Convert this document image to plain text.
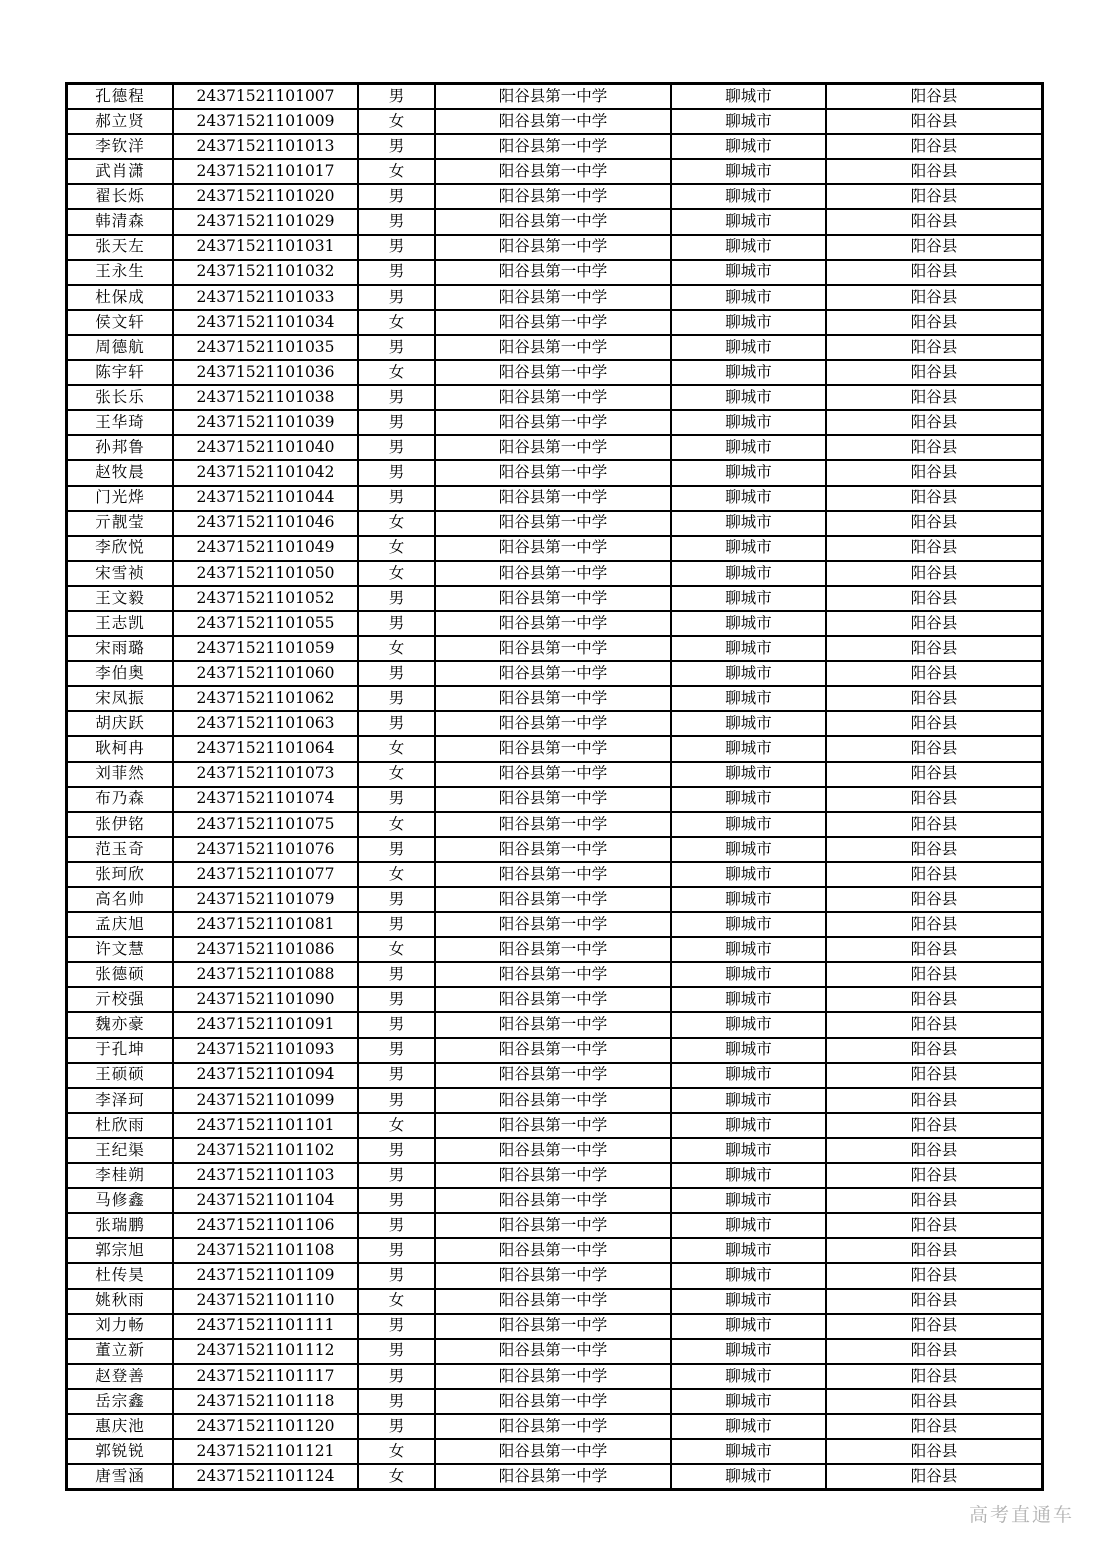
孔德程	24371521101007	男	阳谷县第一中学	聊城市	阳谷县
郝立贤	24371521101009	女	阳谷县第一中学	聊城市	阳谷县
李钦洋	24371521101013	男	阳谷县第一中学	聊城市	阳谷县
武肖潇	24371521101017	女	阳谷县第一中学	聊城市	阳谷县
翟长烁	24371521101020	男	阳谷县第一中学	聊城市	阳谷县
韩清森	24371521101029	男	阳谷县第一中学	聊城市	阳谷县
张天左	24371521101031	男	阳谷县第一中学	聊城市	阳谷县
王永生	24371521101032	男	阳谷县第一中学	聊城市	阳谷县
杜保成	24371521101033	男	阳谷县第一中学	聊城市	阳谷县
侯文轩	24371521101034	女	阳谷县第一中学	聊城市	阳谷县
周德航	24371521101035	男	阳谷县第一中学	聊城市	阳谷县
陈宇轩	24371521101036	女	阳谷县第一中学	聊城市	阳谷县
张长乐	24371521101038	男	阳谷县第一中学	聊城市	阳谷县
王华琦	24371521101039	男	阳谷县第一中学	聊城市	阳谷县
孙邦鲁	24371521101040	男	阳谷县第一中学	聊城市	阳谷县
赵牧晨	24371521101042	男	阳谷县第一中学	聊城市	阳谷县
门光烨	24371521101044	男	阳谷县第一中学	聊城市	阳谷县
亓靓莹	24371521101046	女	阳谷县第一中学	聊城市	阳谷县
李欣悦	24371521101049	女	阳谷县第一中学	聊城市	阳谷县
宋雪祯	24371521101050	女	阳谷县第一中学	聊城市	阳谷县
王文毅	24371521101052	男	阳谷县第一中学	聊城市	阳谷县
王志凯	24371521101055	男	阳谷县第一中学	聊城市	阳谷县
宋雨璐	24371521101059	女	阳谷县第一中学	聊城市	阳谷县
李伯奥	24371521101060	男	阳谷县第一中学	聊城市	阳谷县
宋凤振	24371521101062	男	阳谷县第一中学	聊城市	阳谷县
胡庆跃	24371521101063	男	阳谷县第一中学	聊城市	阳谷县
耿柯冉	24371521101064	女	阳谷县第一中学	聊城市	阳谷县
刘菲然	24371521101073	女	阳谷县第一中学	聊城市	阳谷县
布乃森	24371521101074	男	阳谷县第一中学	聊城市	阳谷县
张伊铭	24371521101075	女	阳谷县第一中学	聊城市	阳谷县
范玉奇	24371521101076	男	阳谷县第一中学	聊城市	阳谷县
张珂欣	24371521101077	女	阳谷县第一中学	聊城市	阳谷县
高名帅	24371521101079	男	阳谷县第一中学	聊城市	阳谷县
孟庆旭	24371521101081	男	阳谷县第一中学	聊城市	阳谷县
许文慧	24371521101086	女	阳谷县第一中学	聊城市	阳谷县
张德硕	24371521101088	男	阳谷县第一中学	聊城市	阳谷县
亓校强	24371521101090	男	阳谷县第一中学	聊城市	阳谷县
魏亦豪	24371521101091	男	阳谷县第一中学	聊城市	阳谷县
于孔坤	24371521101093	男	阳谷县第一中学	聊城市	阳谷县
王硕硕	24371521101094	男	阳谷县第一中学	聊城市	阳谷县
李泽珂	24371521101099	男	阳谷县第一中学	聊城市	阳谷县
杜欣雨	24371521101101	女	阳谷县第一中学	聊城市	阳谷县
王纪渠	24371521101102	男	阳谷县第一中学	聊城市	阳谷县
李桂朔	24371521101103	男	阳谷县第一中学	聊城市	阳谷县
马修鑫	24371521101104	男	阳谷县第一中学	聊城市	阳谷县
张瑞鹏	24371521101106	男	阳谷县第一中学	聊城市	阳谷县
郭宗旭	24371521101108	男	阳谷县第一中学	聊城市	阳谷县
杜传昊	24371521101109	男	阳谷县第一中学	聊城市	阳谷县
姚秋雨	24371521101110	女	阳谷县第一中学	聊城市	阳谷县
刘力畅	24371521101111	男	阳谷县第一中学	聊城市	阳谷县
董立新	24371521101112	男	阳谷县第一中学	聊城市	阳谷县
赵登善	24371521101117	男	阳谷县第一中学	聊城市	阳谷县
岳宗鑫	24371521101118	男	阳谷县第一中学	聊城市	阳谷县
惠庆池	24371521101120	男	阳谷县第一中学	聊城市	阳谷县
郭锐锐	24371521101121	女	阳谷县第一中学	聊城市	阳谷县
唐雪涵	24371521101124	女	阳谷县第一中学	聊城市	阳谷县
高考直通车
